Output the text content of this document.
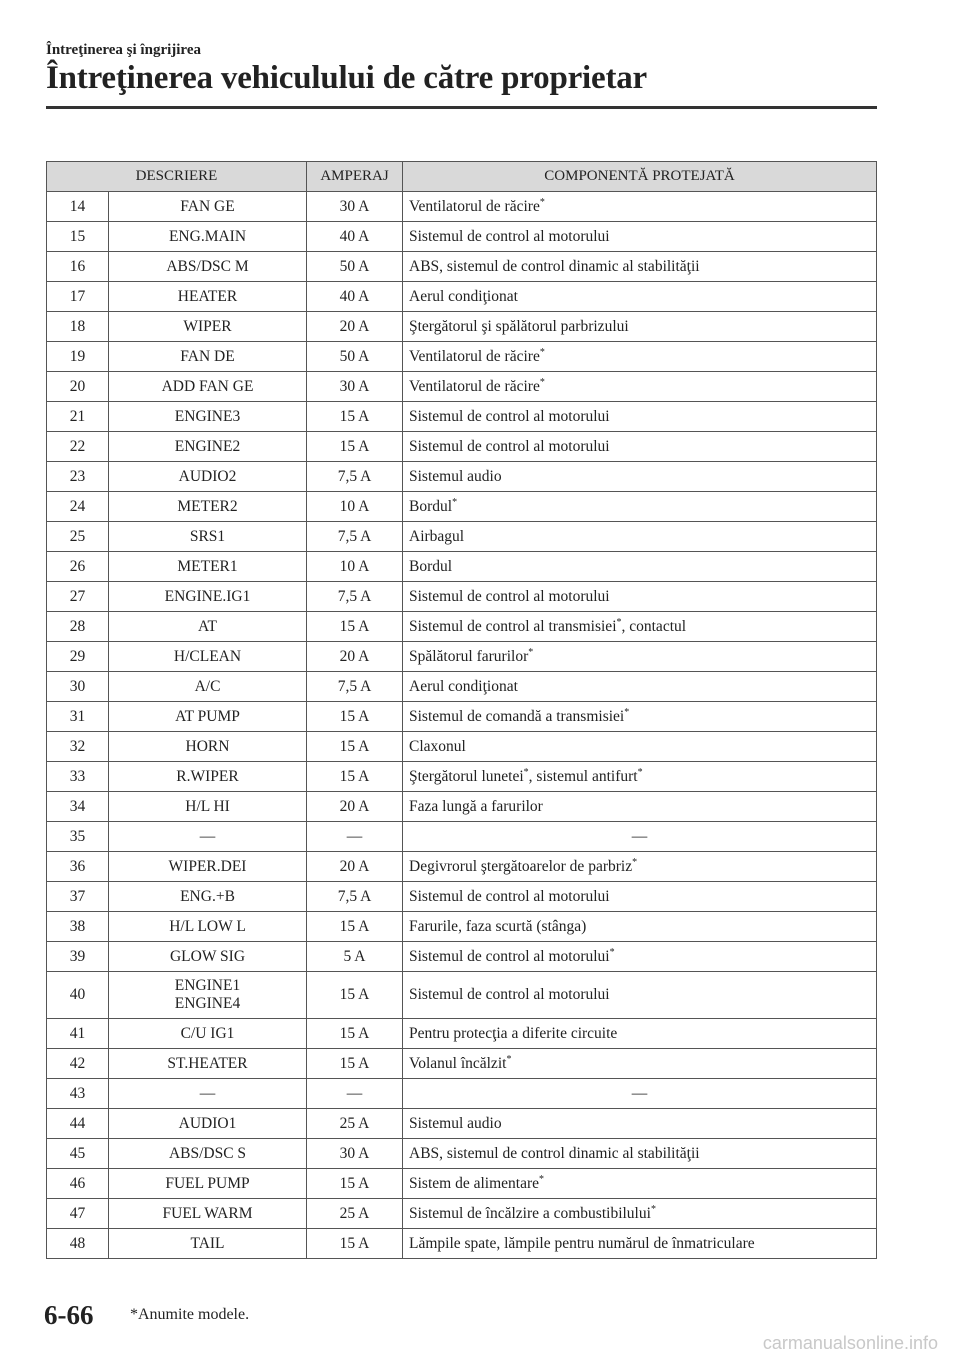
Întreţinerea şi îngrijirea
Întreţinerea vehiculului de către proprietar
DESCRIERE		AMPERAJ	COMPONENTĂ PROTEJATĂ
14	FAN GE	30 A	Ventilatorul de răcire*
15	ENG.MAIN	40 A	Sistemul de control al motorului
16	ABS/DSC M	50 A	ABS, sistemul de control dinamic al stabilităţii
17	HEATER	40 A	Aerul condiţionat
18	WIPER	20 A	Ştergătorul şi spălătorul parbrizului
19	FAN DE	50 A	Ventilatorul de răcire*
20	ADD FAN GE	30 A	Ventilatorul de răcire*
21	ENGINE3	15 A	Sistemul de control al motorului
22	ENGINE2	15 A	Sistemul de control al motorului
23	AUDIO2	7,5 A	Sistemul audio
24	METER2	10 A	Bordul*
25	SRS1	7,5 A	Airbagul
26	METER1	10 A	Bordul
27	ENGINE.IG1	7,5 A	Sistemul de control al motorului
28	AT	15 A	Sistemul de control al transmisiei*, contactul
29	H/CLEAN	20 A	Spălătorul farurilor*
30	A/C	7,5 A	Aerul condiţionat
31	AT PUMP	15 A	Sistemul de comandă a transmisiei*
32	HORN	15 A	Claxonul
33	R.WIPER	15 A	Ştergătorul lunetei*, sistemul antifurt*
34	H/L HI	20 A	Faza lungă a farurilor
35	—	—	—
36	WIPER.DEI	20 A	Degivrorul ştergătoarelor de parbriz*
37	ENG.+B	7,5 A	Sistemul de control al motorului
38	H/L LOW L	15 A	Farurile, faza scurtă (stânga)
39	GLOW SIG	5 A	Sistemul de control al motorului*
40	ENGINE1
ENGINE4	15 A	Sistemul de control al motorului
41	C/U IG1	15 A	Pentru protecţia a diferite circuite
42	ST.HEATER	15 A	Volanul încălzit*
43	—	—	—
44	AUDIO1	25 A	Sistemul audio
45	ABS/DSC S	30 A	ABS, sistemul de control dinamic al stabilităţii
46	FUEL PUMP	15 A	Sistem de alimentare*
47	FUEL WARM	25 A	Sistemul de încălzire a combustibilului*
48	TAIL	15 A	Lămpile spate, lămpile pentru numărul de înmatriculare
6-66 *Anumite modele.
carmanualsonline.info
